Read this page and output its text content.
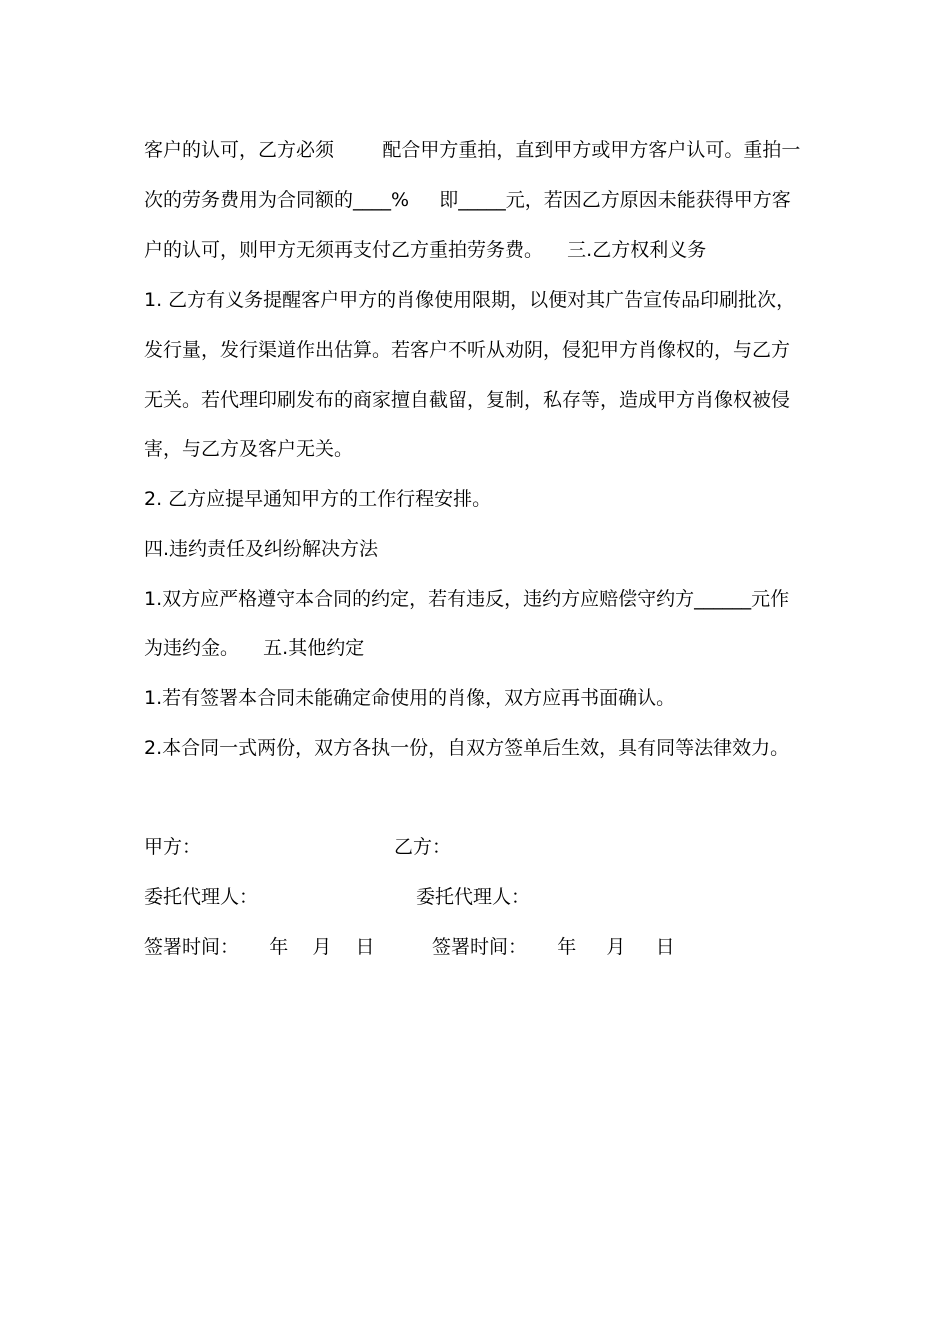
客户的认可，乙方必须        配合甲方重拍，直到甲方或甲方客户认可。重拍一
次的劳务费用为合同额的____%     即_____元，若因乙方原因未能获得甲方客
户的认可，则甲方无须再支付乙方重拍劳务费。    三.乙方权利义务
1. 乙方有义务提醒客户甲方的肖像使用限期，以便对其广告宣传品印刷批次，
发行量，发行渠道作出估算。若客户不听从劝阴，侵犯甲方肖像权的，与乙方
无关。若代理印刷发布的商家擅自截留，复制，私存等，造成甲方肖像权被侵
害，与乙方及客户无关。
2. 乙方应提早通知甲方的工作行程安排。
四.违约责任及纠纷解决方法
1.双方应严格遵守本合同的约定，若有违反，违约方应赔偿守约方______元作
为违约金。    五.其他约定
1.若有签署本合同未能确定命使用的肖像，双方应再书面确认。
2.本合同一式两份，双方各执一份，自双方签单后生效，具有同等法律效力。
甲方：	乙方：
委托代理人：	委托代理人：
签署时间：     年    月    日	签署时间：     年     月     日
